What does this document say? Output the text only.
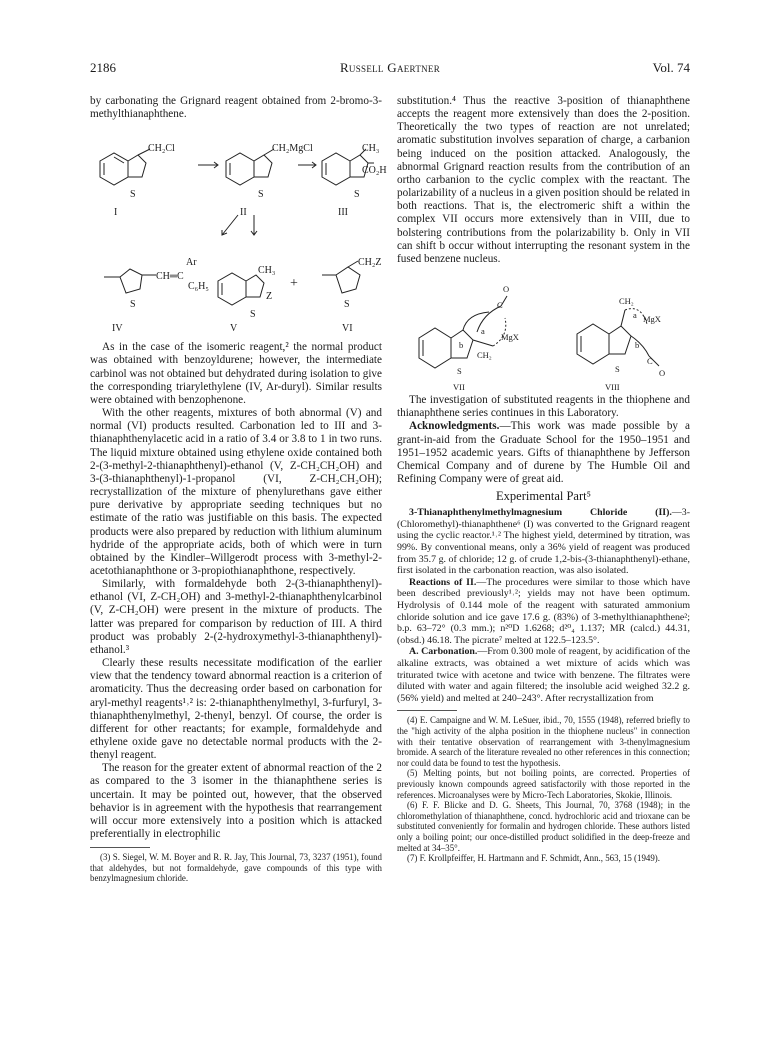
2186	Russell Gaertner	Vol. 74

by carbonating the Grignard reagent obtained from 2-bromo-3-methylthianaphthene.

CH₂Cl	CH₂MgCl	CH₃
CO₂H
S	S	S
I	II	III
CH═C
Ar
C₆H₅
CH₃
Z
+
CH₂Z
S
S
S
IV	V	VI

As in the case of the isomeric reagent,² the normal product was obtained with benzoyldurene; however, the intermediate carbinol was not obtained but dehydrated during isolation to give the corresponding triarylethylene (IV, Ar-duryl). Similar results were obtained with benzophenone.

With the other reagents, mixtures of both abnormal (V) and normal (VI) products resulted. Carbonation led to III and 3-thianaphthenylacetic acid in a ratio of 3.4 or 3.8 to 1 in two runs. The liquid mixture obtained using ethylene oxide contained both 2-(3-methyl-2-thianaphthenyl)-ethanol (V, Z-CH₂CH₂OH) and 3-(3-thianaphthenyl)-1-propanol (VI, Z-CH₂CH₂OH); recrystallization of the mixture of phenylurethans gave either pure derivative by appropriate seeding techniques but no estimate of the ratio was justifiable on this basis. The expected products were also prepared by reduction with lithium aluminum hydride of the appropriate acids, both of which were in turn obtained by the Kindler–Willgerodt process with 3-methyl-2-acetothianaphthone or 3-propiothianaphthone, respectively.

Similarly, with formaldehyde both 2-(3-thianaphthenyl)-ethanol (VI, Z-CH₂OH) and 3-methyl-2-thianaphthenylcarbinol (V, Z-CH₂OH) were present in the mixture of products. The latter was prepared for comparison by reduction of III. A third product was probably 2-(2-hydroxymethyl-3-thianaphthenyl)-ethanol.³

Clearly these results necessitate modification of the earlier view that the tendency toward abnormal reaction is a criterion of aromaticity. Thus the decreasing order based on carbonation for aryl-methyl reagents¹˒² is: 2-thianaphthenylmethyl, 3-furfuryl, 3-thianaphthenylmethyl, 2-thenyl, benzyl. Of course, the order is different for other reactants; for example, formaldehyde and ethylene oxide gave no detectable normal products with the 2-thenyl reagent.

The reason for the greater extent of abnormal reaction of the 2 as compared to the 3 isomer in the thianaphthene series is uncertain. It may be pointed out, however, that the observed behavior is in agreement with the hypothesis that rearrangement will occur more extensively into a position which is attacked preferentially in electrophilic

(3) S. Siegel, W. M. Boyer and R. R. Jay, This Journal, 73, 3237 (1951), found that aldehydes, but not formaldehyde, gave compounds of this type with benzylmagnesium chloride.

substitution.⁴ Thus the reactive 3-position of thianaphthene accepts the reagent more extensively than does the 2-position. Theoretically the two types of reaction are not unrelated; aromatic substitution involves separation of charge, a carbanion being induced on the position attacked. Analogously, the abnormal Grignard reaction results from the contribution of an ortho carbanion to the cyclic complex with the reactant. The polarizability of a nucleus in a given position should be related in both reactions. That is, the electromeric shift a within the complex VII occurs more extensively than in VIII, due to bolstering contributions from the polarizability b. Only in VII can shift b occur without interrupting the resonant system in the fused benzene nucleus.

O
C
a
MgX
b
CH₂
S
CH₂
MgX
a
b
C
O
S
VII	VIII

The investigation of substituted reagents in the thiophene and thianaphthene series continues in this Laboratory.

Acknowledgments.—This work was made possible by a grant-in-aid from the Graduate School for the 1950–1951 and 1951–1952 academic years. Gifts of thianaphthene by Jefferson Chemical Company and of durene by The Humble Oil and Refining Company were of great aid.

Experimental Part⁵

3-Thianaphthenylmethylmagnesium Chloride (II).—3-(Chloromethyl)-thianaphthene⁶ (I) was converted to the Grignard reagent using the cyclic reactor.¹˒² The highest yield, determined by titration, was 99%. By conventional means, only a 36% yield of reagent was produced from 35.7 g. of chloride; 12 g. of crude 1,2-bis-(3-thianaphthenyl)-ethane, first isolated in the carbonation reaction, was also isolated.

Reactions of II.—The procedures were similar to those which have been described previously¹˒²; yields may not have been optimum. Hydrolysis of 0.144 mole of the reagent with saturated ammonium chloride solution and ice gave 17.6 g. (83%) of 3-methylthianaphthene²; b.p. 63–72° (0.3 mm.); n²⁰D 1.6268; d²⁰₄ 1.137; MR (calcd.) 44.31, (obsd.) 46.18. The picrate⁷ melted at 122.5–123.5°.

A. Carbonation.—From 0.300 mole of reagent, by acidification of the alkaline extracts, was obtained a wet mixture of acids which was triturated twice with acetone and twice with benzene. The filtrates were diluted with water and again filtered; the insoluble acid weighed 32.2 g. (56% yield) and melted at 240–243°. After recrystallization from

(4) E. Campaigne and W. M. LeSuer, ibid., 70, 1555 (1948), referred briefly to the "high activity of the alpha position in the thiophene nucleus" in connection with their tentative observation of rearrangement with 3-thenylmagnesium bromide. A search of the literature revealed no other references in this connection; nor could data be found to test the hypothesis.

(5) Melting points, but not boiling points, are corrected. Properties of previously known compounds agreed satisfactorily with those reported in the references. Microanalyses were by Micro-Tech Laboratories, Skokie, Illinois.

(6) F. F. Blicke and D. G. Sheets, This Journal, 70, 3768 (1948); in the chloromethylation of thianaphthene, concd. hydrochloric acid and trioxane can be substituted conveniently for formalin and hydrogen chloride. These authors listed only a boiling point; our once-distilled product solidified in the deep-freeze and melted at 34–35°.

(7) F. Krollpfeiffer, H. Hartmann and F. Schmidt, Ann., 563, 15 (1949).
